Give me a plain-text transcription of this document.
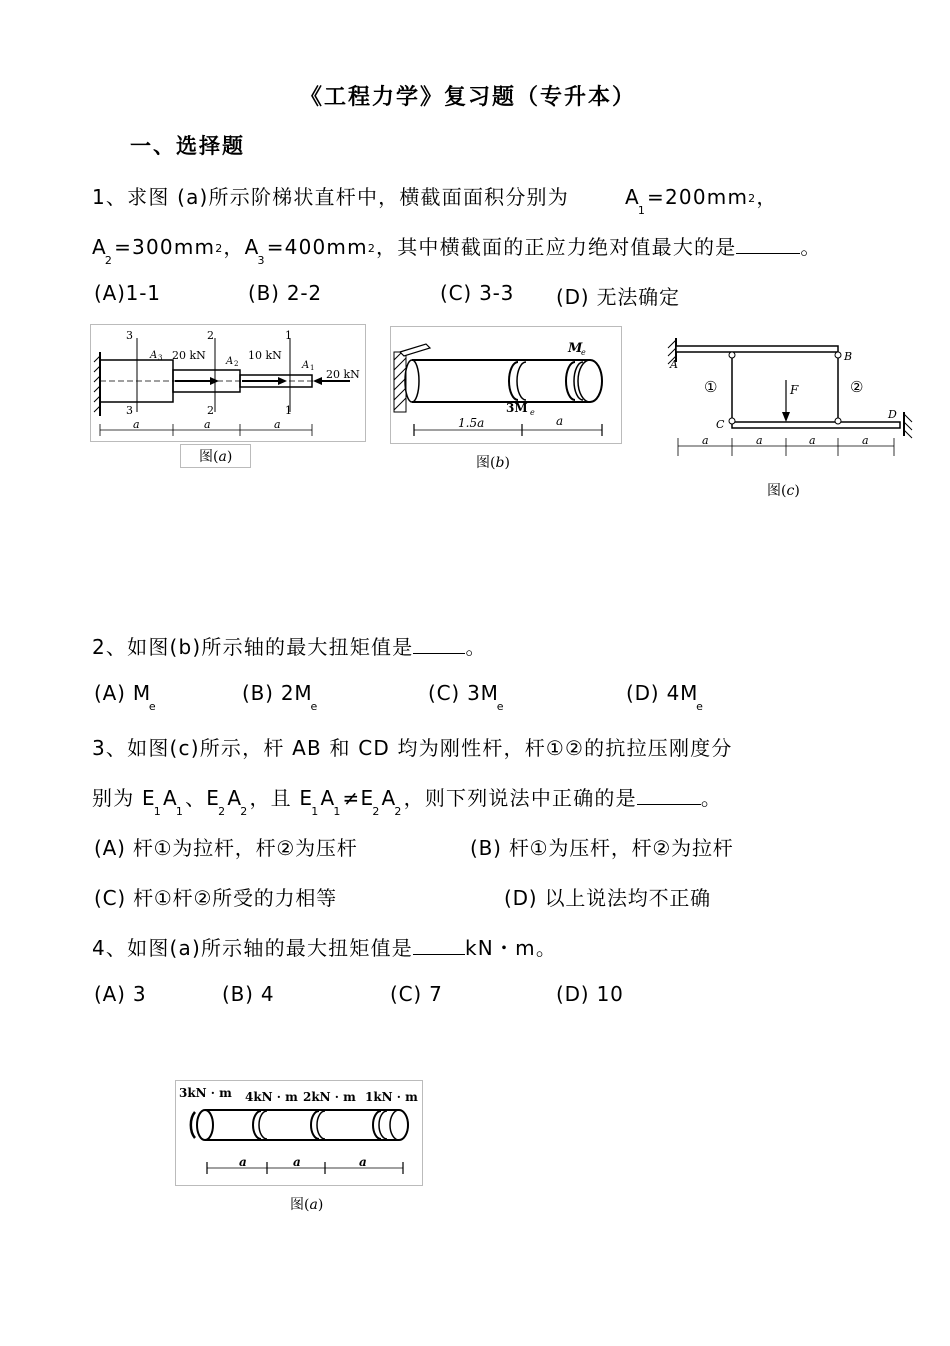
《工程力学》复习题（专升本）
一、选择题
1、求图 (a)所示阶梯状直杆中，横截面面积分别为	$A_1=200mm2$，
$A_2=300mm2$，$A_3=400mm2$，其中横截面的正应力绝对值最大的是	。
(A)1-1	(B) 2-2	(C) 3-3 (D) 无法确定
3
3
2
2
1
1
A 3	A 2	A 1
20 kN	10 kN
20 kN
a	a	a
图(a)
M
e
3M e
1.5a	a
图(b)
A
B
①	②
F
C
D
a	a	a	a
图(c)
2、如图(b)所示轴的最大扭矩值是	。
(A) $M_e$
(B) $2M_e$
(C) $3M_e$
(D) $4M_e$
3、如图(c)所示，杆 AB 和 CD 均为刚性杆，杆①②的抗拉压刚度分
别为 $E_1A_1$、$E_2A_2$，且 $E_1A_1\ne E_2A_2$，则下列说法中正确的是	。
(A) 杆①为拉杆，杆②为压杆	(B) 杆①为压杆，杆②为拉杆
(C) 杆①杆②所受的力相等	(D) 以上说法均不正确
4、如图(a)所示轴的最大扭矩值是	kN・m。
(A) 3	(B) 4	(C) 7	(D) 10
3kN · m 4kN · m 2kN · m 1kN · m
a	a	a
图(a)
